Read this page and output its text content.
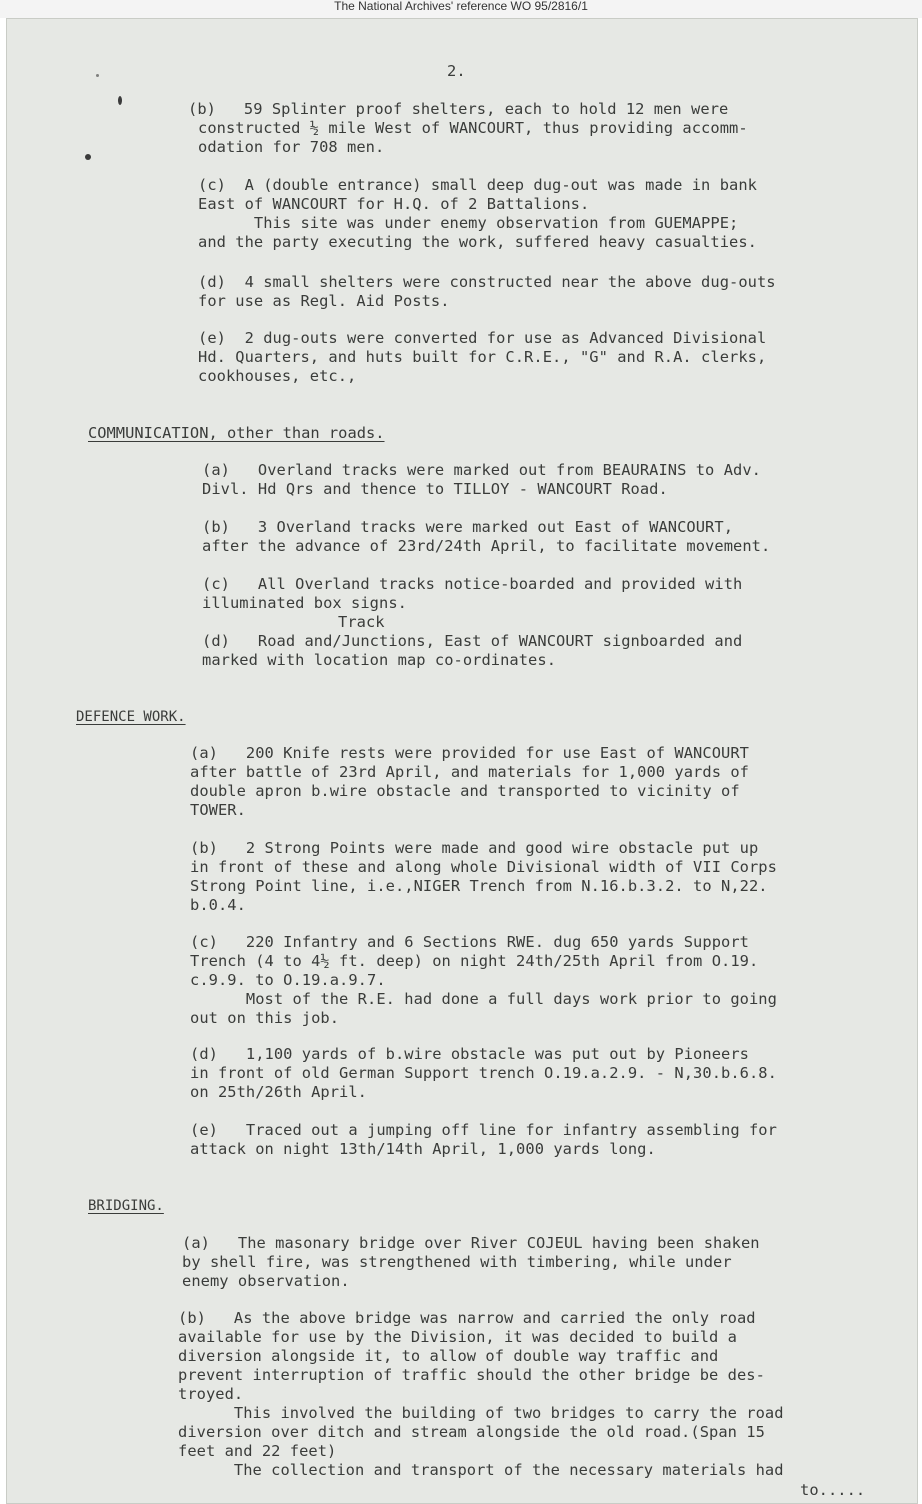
The National Archives' reference WO 95/2816/1

2.

(b)   59 Splinter proof shelters, each to hold 12 men were

constructed ½ mile West of WANCOURT, thus providing accomm-

odation for 708 men.

(c)  A (double entrance) small deep dug-out was made in bank

East of WANCOURT for H.Q. of 2 Battalions.

This site was under enemy observation from GUEMAPPE;

and the party executing the work, suffered heavy casualties.

(d)  4 small shelters were constructed near the above dug-outs

for use as Regl. Aid Posts.

(e)  2 dug-outs were converted for use as Advanced Divisional

Hd. Quarters, and huts built for C.R.E., "G" and R.A. clerks,

cookhouses, etc.,

COMMUNICATION, other than roads.

(a)   Overland tracks were marked out from BEAURAINS to Adv.

Divl. Hd Qrs and thence to TILLOY - WANCOURT Road.

(b)   3 Overland tracks were marked out East of WANCOURT,

after the advance of 23rd/24th April, to facilitate movement.

(c)   All Overland tracks notice-boarded and provided with

illuminated box signs.

Track

(d)   Road and/Junctions, East of WANCOURT signboarded and

marked with location map co-ordinates.

DEFENCE WORK.

(a)   200 Knife rests were provided for use East of WANCOURT

after battle of 23rd April, and materials for 1,000 yards of

double apron b.wire obstacle and transported to vicinity of

TOWER.

(b)   2 Strong Points were made and good wire obstacle put up

in front of these and along whole Divisional width of VII Corps

Strong Point line, i.e.,NIGER Trench from N.16.b.3.2. to N,22.

b.0.4.

(c)   220 Infantry and 6 Sections RWE. dug 650 yards Support

Trench (4 to 4½ ft. deep) on night 24th/25th April from O.19.

c.9.9. to O.19.a.9.7.

Most of the R.E. had done a full days work prior to going

out on this job.

(d)   1,100 yards of b.wire obstacle was put out by Pioneers

in front of old German Support trench O.19.a.2.9. - N,30.b.6.8.

on 25th/26th April.

(e)   Traced out a jumping off line for infantry assembling for

attack on night 13th/14th April, 1,000 yards long.

BRIDGING.

(a)   The masonary bridge over River COJEUL having been shaken

by shell fire, was strengthened with timbering, while under

enemy observation.

(b)   As the above bridge was narrow and carried the only road

available for use by the Division, it was decided to build a

diversion alongside it, to allow of double way traffic and

prevent interruption of traffic should the other bridge be des-

troyed.

This involved the building of two bridges to carry the road

diversion over ditch and stream alongside the old road.(Span 15

feet and 22 feet)

The collection and transport of the necessary materials had

to.....
